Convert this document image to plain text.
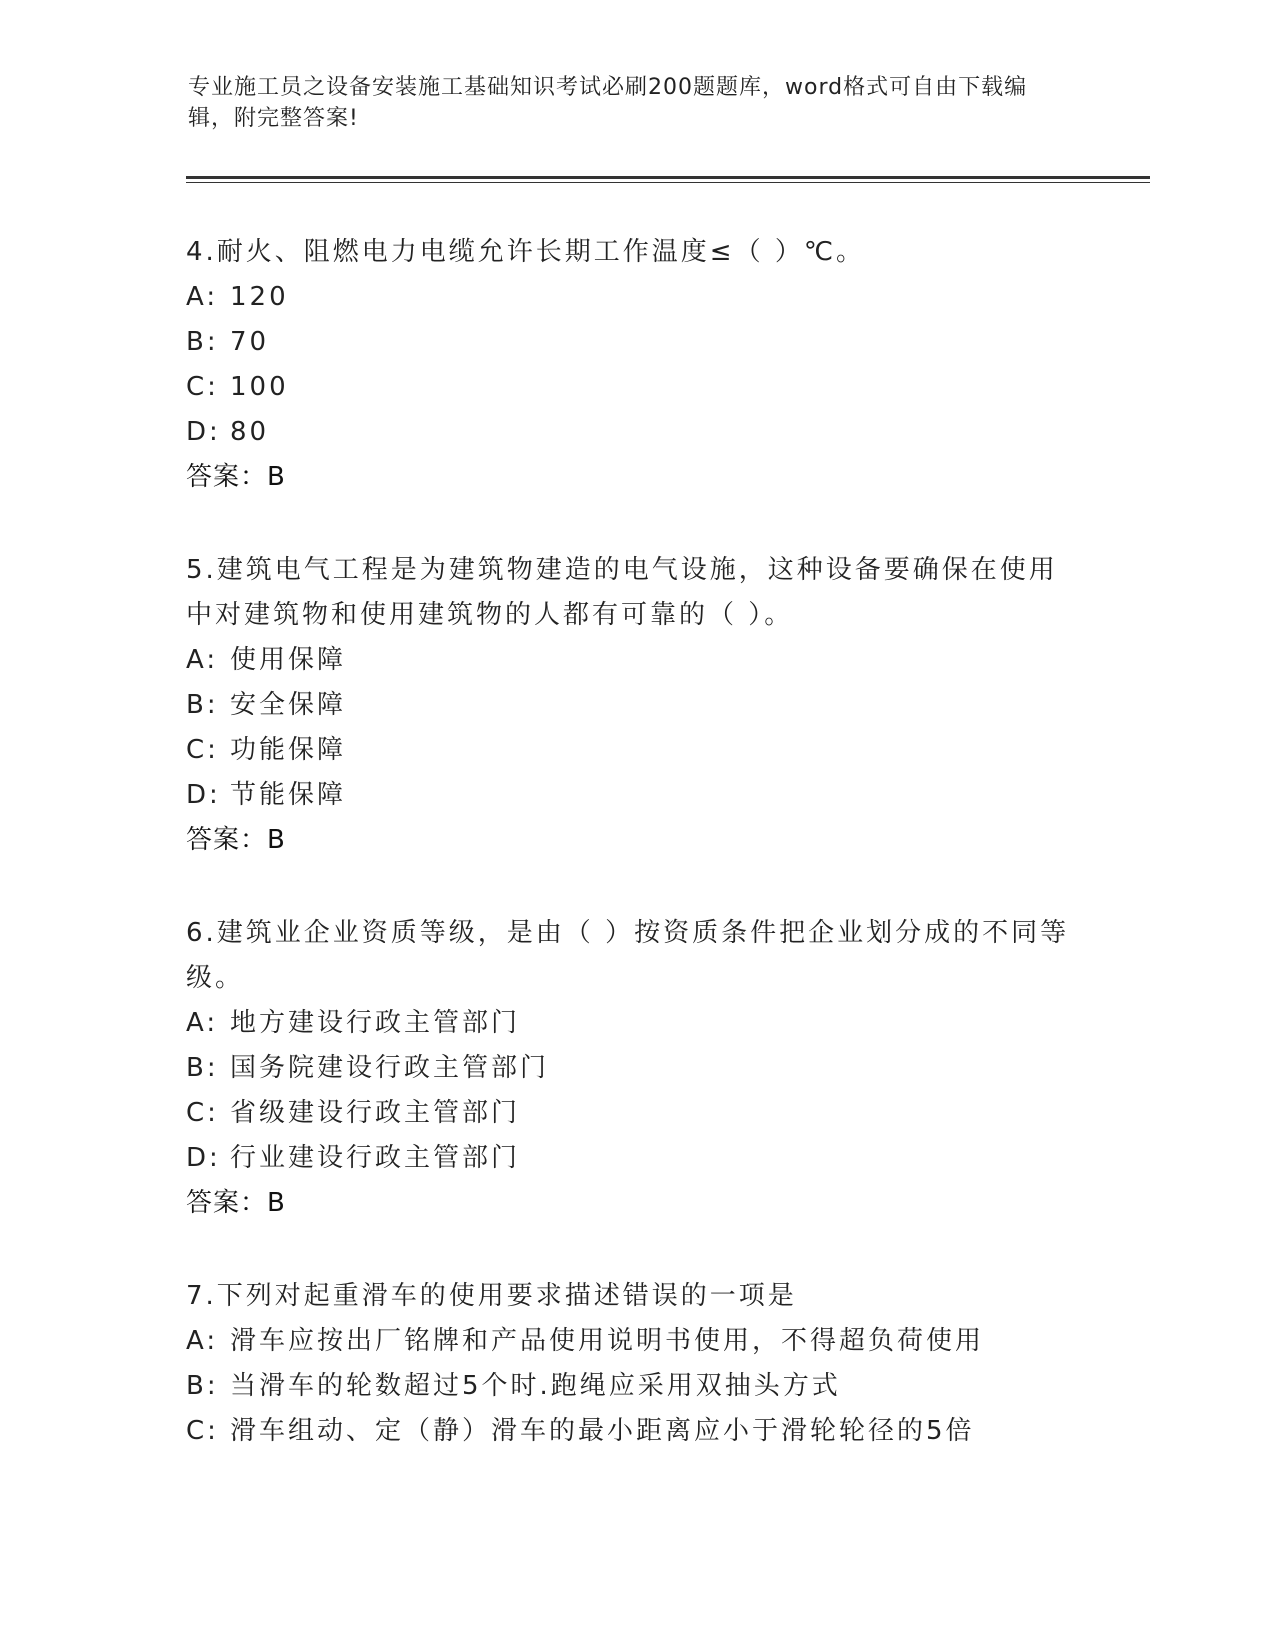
专业施工员之设备安装施工基础知识考试必刷200题题库，word格式可自由下载编辑，附完整答案!

4.耐火、阻燃电力电缆允许长期工作温度≤（ ）℃。

A: 120

B: 70

C: 100

D: 80

答案：B

5.建筑电气工程是为建筑物建造的电气设施，这种设备要确保在使用中对建筑物和使用建筑物的人都有可靠的（ ）。

A: 使用保障

B: 安全保障

C: 功能保障

D: 节能保障

答案：B

6.建筑业企业资质等级，是由（ ）按资质条件把企业划分成的不同等级。

A: 地方建设行政主管部门

B: 国务院建设行政主管部门

C: 省级建设行政主管部门

D: 行业建设行政主管部门

答案：B

7.下列对起重滑车的使用要求描述错误的一项是

A: 滑车应按出厂铭牌和产品使用说明书使用，不得超负荷使用

B: 当滑车的轮数超过5个时.跑绳应采用双抽头方式

C: 滑车组动、定（静）滑车的最小距离应小于滑轮轮径的5倍
